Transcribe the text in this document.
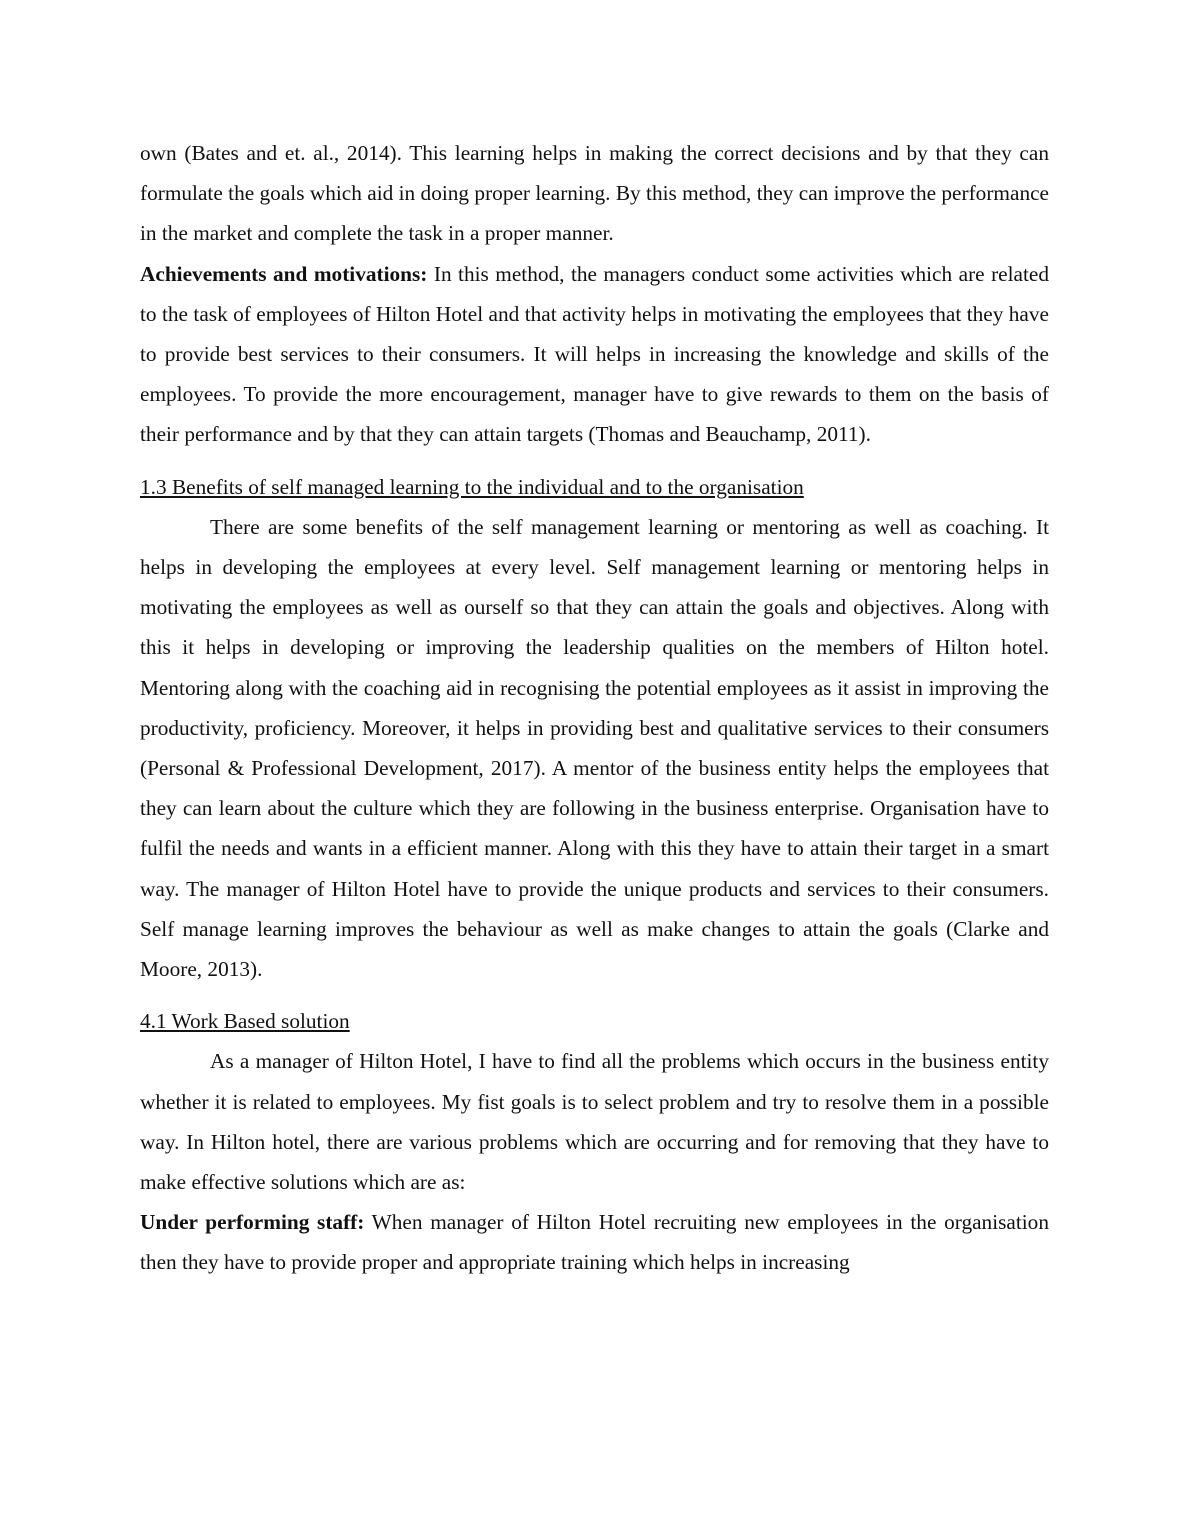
own (Bates and et. al., 2014). This learning helps in making the correct decisions and by that they can formulate the goals which aid in doing proper learning. By this method, they can improve the performance in the market and complete the task in a proper manner.

Achievements and motivations: In this method, the managers conduct some activities which are related to the task of employees of Hilton Hotel and that activity helps in motivating the employees that they have to provide best services to their consumers. It will helps in increasing the knowledge and skills of the employees. To provide the more encouragement, manager have to give rewards to them on the basis of their performance and by that they can attain targets (Thomas and Beauchamp, 2011).

1.3 Benefits of self managed learning to the individual and to the organisation

There are some benefits of the self management learning or mentoring as well as coaching. It helps in developing the employees at every level. Self management learning or mentoring helps in motivating the employees as well as ourself so that they can attain the goals and objectives. Along with this it helps in developing or improving the leadership qualities on the members of Hilton hotel. Mentoring along with the coaching aid in recognising the potential employees as it assist in improving the productivity, proficiency. Moreover, it helps in providing best and qualitative services to their consumers (Personal & Professional Development, 2017). A mentor of the business entity helps the employees that they can learn about the culture which they are following in the business enterprise. Organisation have to fulfil the needs and wants in a efficient manner. Along with this they have to attain their target in a smart way. The manager of Hilton Hotel have to provide the unique products and services to their consumers. Self manage learning improves the behaviour as well as make changes to attain the goals (Clarke and Moore, 2013).

4.1 Work Based solution

As a manager of Hilton Hotel, I have to find all the problems which occurs in the business entity whether it is related to employees. My fist goals is to select problem and try to resolve them in a possible way. In Hilton hotel, there are various problems which are occurring and for removing that they have to make effective solutions which are as:

Under performing staff: When manager of Hilton Hotel recruiting new employees in the organisation then they have to provide proper and appropriate training which helps in increasing
